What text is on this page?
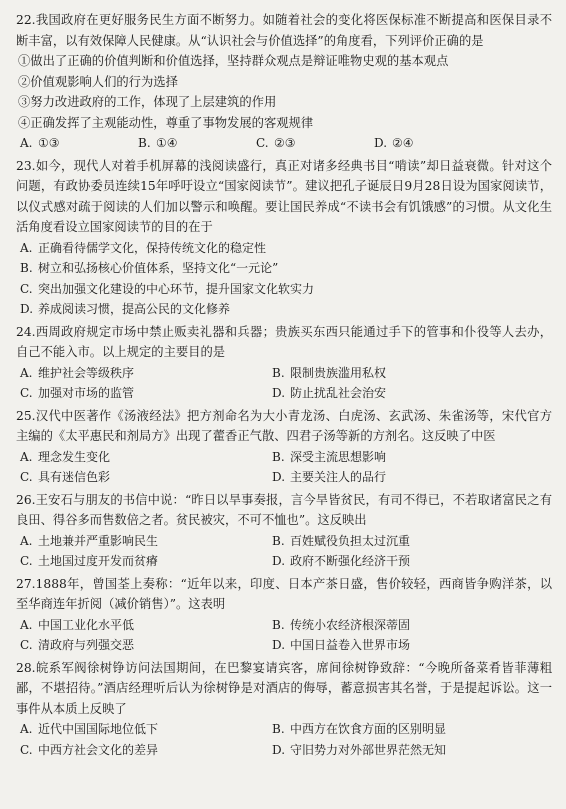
22.我国政府在更好服务民生方面不断努力。如随着社会的变化将医保标准不断提高和医保目录不断丰富，以有效保障人民健康。从“认识社会与价值选择”的角度看，下列评价正确的是

①做出了正确的价值判断和价值选择，坚持群众观点是辩证唯物史观的基本观点

②价值观影响人们的行为选择

③努力改进政府的工作，体现了上层建筑的作用

④正确发挥了主观能动性，尊重了事物发展的客观规律

A. ①③	B. ①④	C. ②③	D. ②④

23.如今，现代人对着手机屏幕的浅阅读盛行，真正对诸多经典书目“啃读”却日益衰微。针对这个问题，有政协委员连续15年呼吁设立“国家阅读节”。建议把孔子诞辰日9月28日设为国家阅读节，以仪式感对疏于阅读的人们加以警示和唤醒。要让国民养成“不读书会有饥饿感”的习惯。从文化生活角度看设立国家阅读节的目的在于

A. 正确看待儒学文化，保持传统文化的稳定性
B. 树立和弘扬核心价值体系，坚持文化“一元论”
C. 突出加强文化建设的中心环节，提升国家文化软实力
D. 养成阅读习惯，提高公民的文化修养

24.西周政府规定市场中禁止贩卖礼器和兵器；贵族买东西只能通过手下的管事和仆役等人去办，自己不能入市。以上规定的主要目的是

A. 维护社会等级秩序	B. 限制贵族滥用私权
C. 加强对市场的监管	D. 防止扰乱社会治安

25.汉代中医著作《汤液经法》把方剂命名为大小青龙汤、白虎汤、玄武汤、朱雀汤等，宋代官方主编的《太平惠民和剂局方》出现了藿香正气散、四君子汤等新的方剂名。这反映了中医

A. 理念发生变化	B. 深受主流思想影响
C. 具有迷信色彩	D. 主要关注人的品行

26.王安石与朋友的书信中说：“昨日以旱事奏报，言今旱皆贫民，有司不得已，不若取诸富民之有良田、得谷多而售数倍之者。贫民被灾，不可不恤也”。这反映出

A. 土地兼并严重影响民生	B. 百姓赋役负担太过沉重
C. 土地国过度开发而贫瘠	D. 政府不断强化经济干预

27.1888年，曾国荃上奏称：“近年以来，印度、日本产茶日盛，售价较轻，西商皆争购洋茶，以至华商连年折阅（减价销售）”。这表明

A. 中国工业化水平低	B. 传统小农经济根深蒂固
C. 清政府与列强交恶	D. 中国日益卷入世界市场

28.皖系军阀徐树铮访问法国期间，在巴黎宴请宾客，席间徐树铮致辞：“今晚所备菜肴皆菲薄粗鄙，不堪招待。”酒店经理听后认为徐树铮是对酒店的侮辱，蓄意损害其名誉，于是提起诉讼。这一事件从本质上反映了

A. 近代中国国际地位低下	B. 中西方在饮食方面的区别明显
C. 中西方社会文化的差异	D. 守旧势力对外部世界茫然无知
